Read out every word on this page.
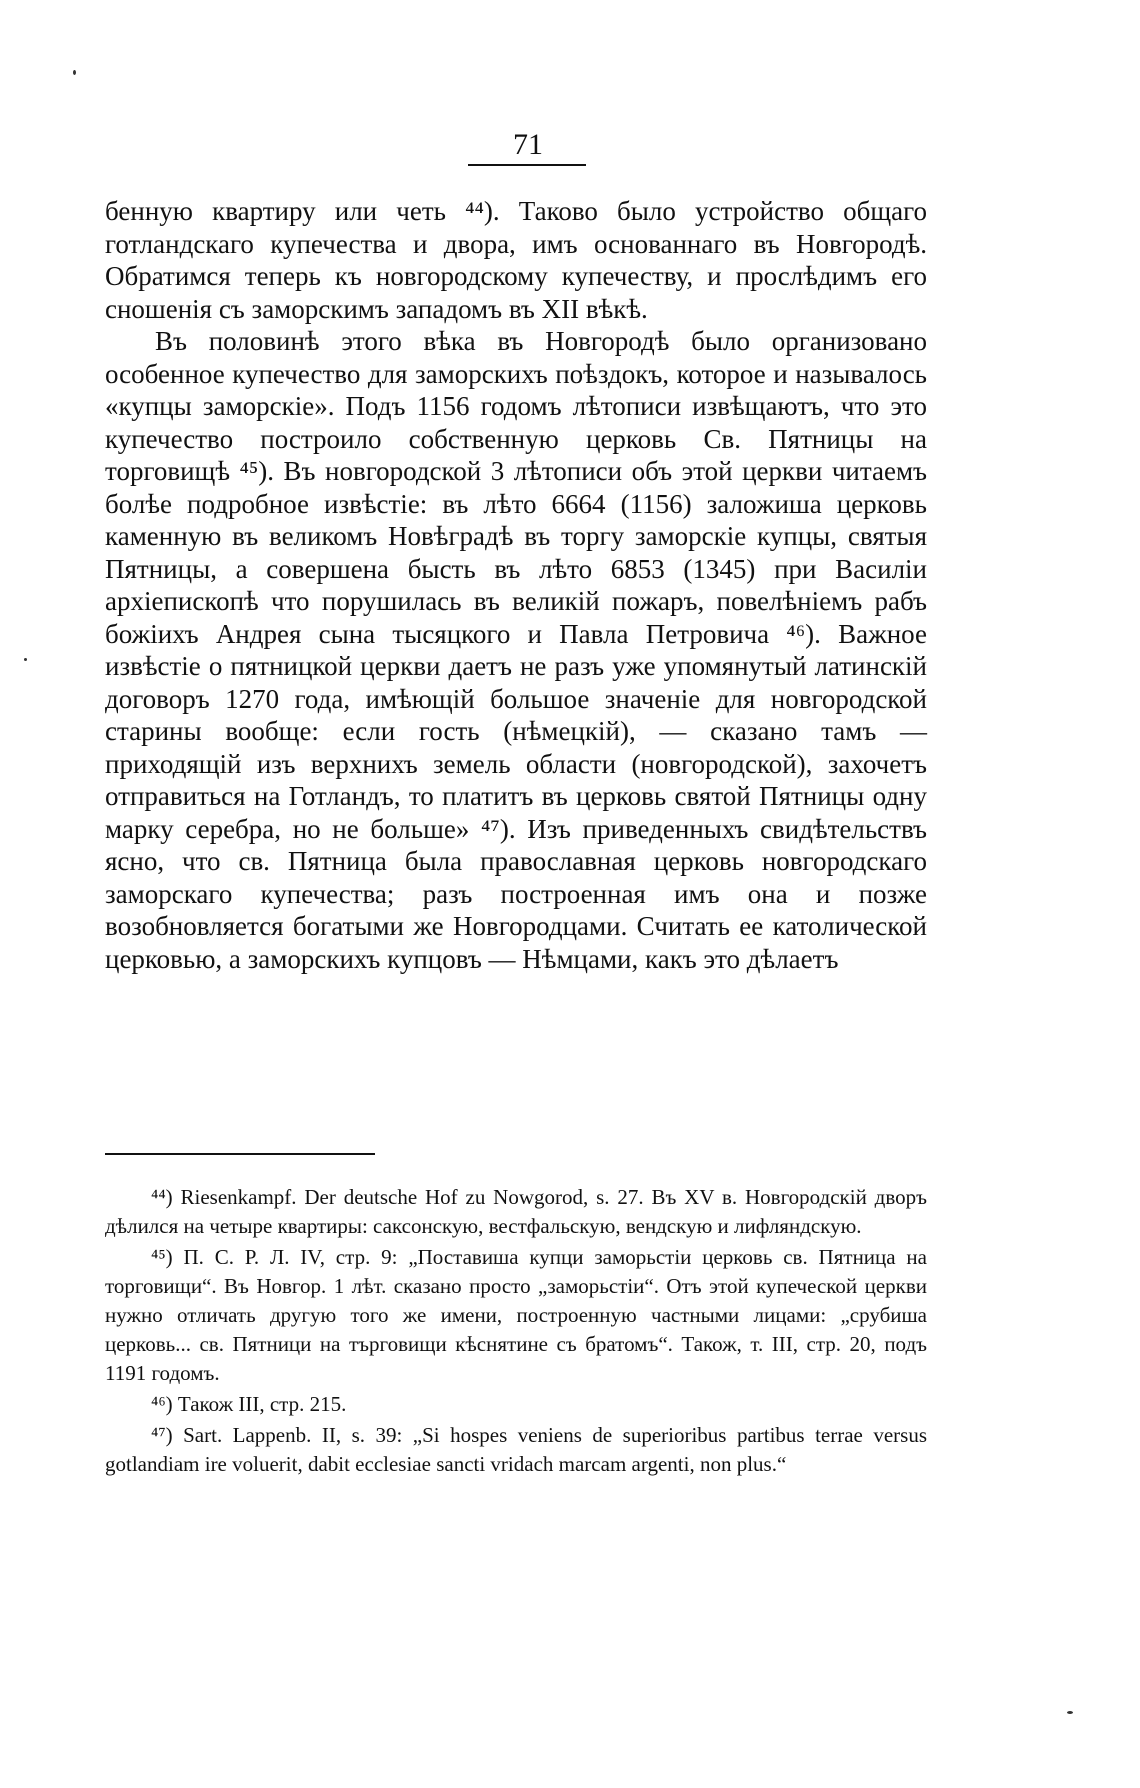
71

бенную квартиру или четь ⁴⁴). Таково было устройство общаго готландскаго купечества и двора, имъ основаннаго въ Новгородѣ. Обратимся теперь къ новгородскому купечеству, и прослѣдимъ его сношенія съ заморскимъ западомъ въ XII вѣкѣ.

Въ половинѣ этого вѣка въ Новгородѣ было организовано особенное купечество для заморскихъ поѣздокъ, которое и называлось «купцы заморскіе». Подъ 1156 годомъ лѣтописи извѣщаютъ, что это купечество построило собственную церковь Св. Пятницы на торговищѣ ⁴⁵). Въ новгородской 3 лѣтописи объ этой церкви читаемъ болѣе подробное извѣстіе: въ лѣто 6664 (1156) заложиша церковь каменную въ великомъ Новѣградѣ въ торгу заморскіе купцы, святыя Пятницы, а совершена бысть въ лѣто 6853 (1345) при Василіи архіепископѣ что порушилась въ великій пожаръ, повелѣніемъ рабъ божіихъ Андрея сына тысяцкого и Павла Петровича ⁴⁶). Важное извѣстіе о пятницкой церкви даетъ не разъ уже упомянутый латинскій договоръ 1270 года, имѣющій большое значеніе для новгородской старины вообще: если гость (нѣмецкій), — сказано тамъ — приходящій изъ верхнихъ земель области (новгородской), захочетъ отправиться на Готландъ, то платитъ въ церковь святой Пятницы одну марку серебра, но не больше» ⁴⁷). Изъ приведенныхъ свидѣтельствъ ясно, что св. Пятница была православная церковь новгородскаго заморскаго купечества; разъ построенная имъ она и позже возобновляется богатыми же Новгородцами. Считать ее католической церковью, а заморскихъ купцовъ — Нѣмцами, какъ это дѣлаетъ

⁴⁴) Riesenkampf. Der deutsche Hof zu Nowgorod, s. 27. Въ XV в. Новгородскій дворъ дѣлился на четыре квартиры: саксонскую, вестфальскую, вендскую и лифляндскую.

⁴⁵) П. С. Р. Л. IV, стр. 9: „Поставиша купци заморьстіи церковь св. Пятница на торговищи“. Въ Новгор. 1 лѣт. сказано просто „заморьстіи“. Отъ этой купеческой церкви нужно отличать другую того же имени, построенную частными лицами: „срубиша церковь... св. Пятници на търговищи кѣснятине съ братомъ“. Також, т. III, стр. 20, подъ 1191 годомъ.

⁴⁶) Також III, стр. 215.

⁴⁷) Sart. Lappenb. II, s. 39: „Si hospes veniens de superioribus partibus terrae versus gotlandiam ire voluerit, dabit ecclesiae sancti vridach marcam argenti, non plus.“
